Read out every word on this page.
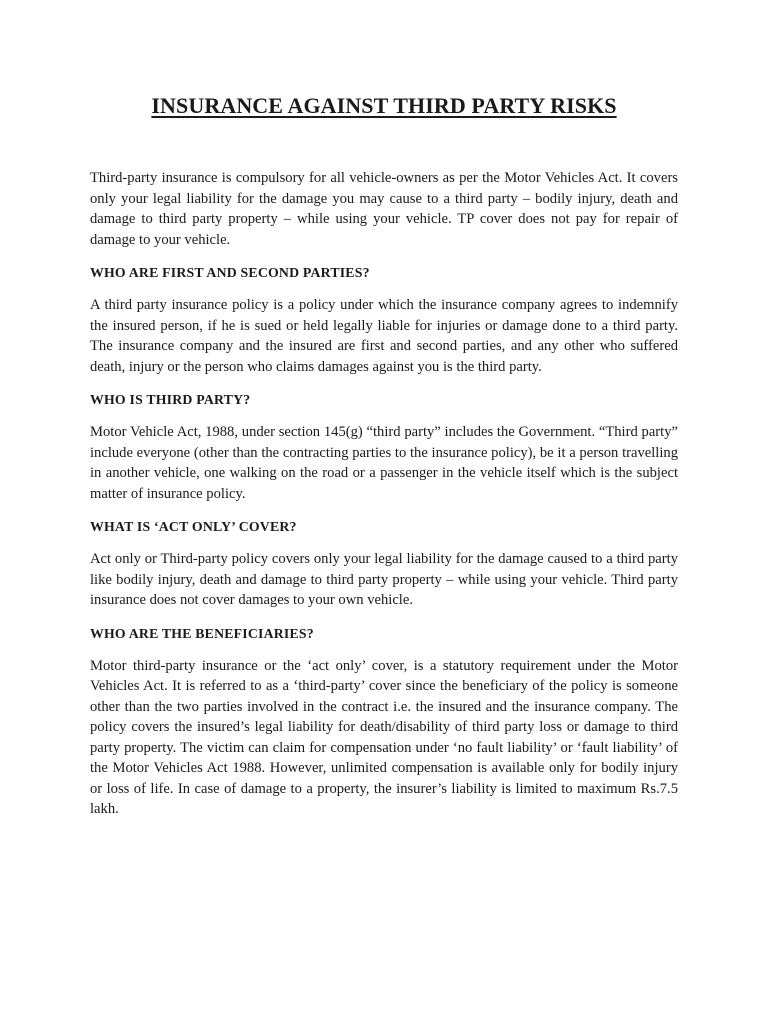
INSURANCE AGAINST THIRD PARTY RISKS

Third-party insurance is compulsory for all vehicle-owners as per the Motor Vehicles Act. It covers only your legal liability for the damage you may cause to a third party – bodily injury, death and damage to third party property – while using your vehicle. TP cover does not pay for repair of damage to your vehicle.

WHO ARE FIRST AND SECOND PARTIES?

A third party insurance policy is a policy under which the insurance company agrees to indemnify the insured person, if he is sued or held legally liable for injuries or damage done to a third party. The insurance company and the insured are first and second parties, and any other who suffered death, injury or the person who claims damages against you is the third party.

WHO IS THIRD PARTY?

Motor Vehicle Act, 1988, under section 145(g) “third party” includes the Government. “Third party” include everyone (other than the contracting parties to the insurance policy), be it a person travelling in another vehicle, one walking on the road or a passenger in the vehicle itself which is the subject matter of insurance policy.

WHAT IS ‘ACT ONLY’ COVER?

Act only or Third-party policy covers only your legal liability for the damage caused to a third party like bodily injury, death and damage to third party property – while using your vehicle. Third party insurance does not cover damages to your own vehicle.

WHO ARE THE BENEFICIARIES?

Motor third-party insurance or the ‘act only’ cover, is a statutory requirement under the Motor Vehicles Act. It is referred to as a ‘third-party’ cover since the beneficiary of the policy is someone other than the two parties involved in the contract i.e. the insured and the insurance company. The policy covers the insured’s legal liability for death/disability of third party loss or damage to third party property. The victim can claim for compensation under ‘no fault liability’ or ‘fault liability’ of the Motor Vehicles Act 1988. However, unlimited compensation is available only for bodily injury or loss of life. In case of damage to a property, the insurer’s liability is limited to maximum Rs.7.5 lakh.
